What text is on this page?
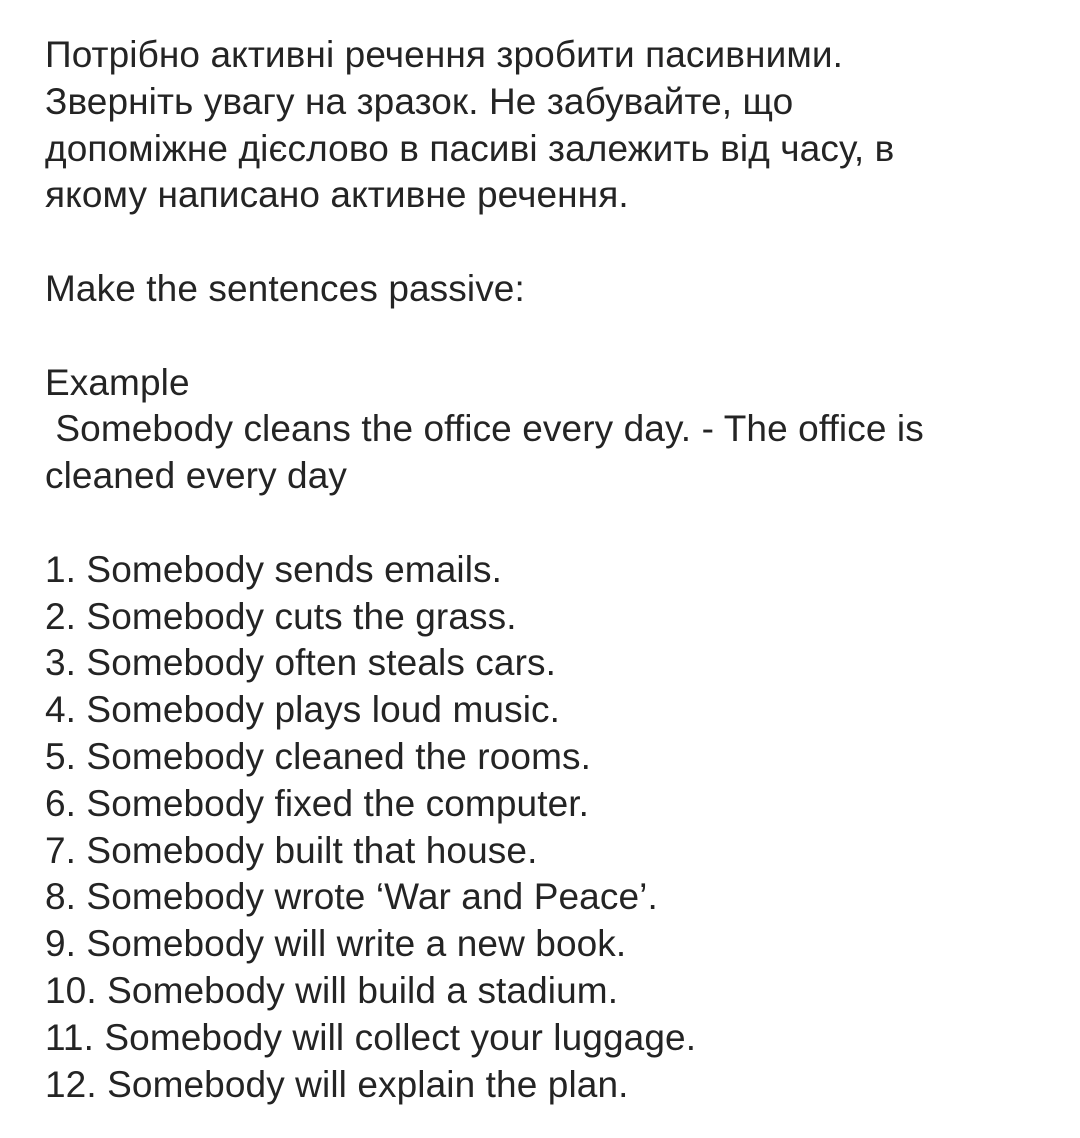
Потрібно активні речення зробити пасивними.
Зверніть увагу на зразок. Не забувайте, що
допоміжне дієслово в пасиві залежить від часу, в
якому написано активне речення.
Make the sentences passive:
Example
Somebody cleans the office every day. - The office is
cleaned every day
1. Somebody sends emails.
2. Somebody cuts the grass.
3. Somebody often steals cars.
4. Somebody plays loud music.
5. Somebody cleaned the rooms.
6. Somebody fixed the computer.
7. Somebody built that house.
8. Somebody wrote ‘War and Peace’.
9. Somebody will write a new book.
10. Somebody will build a stadium.
11. Somebody will collect your luggage.
12. Somebody will explain the plan.
